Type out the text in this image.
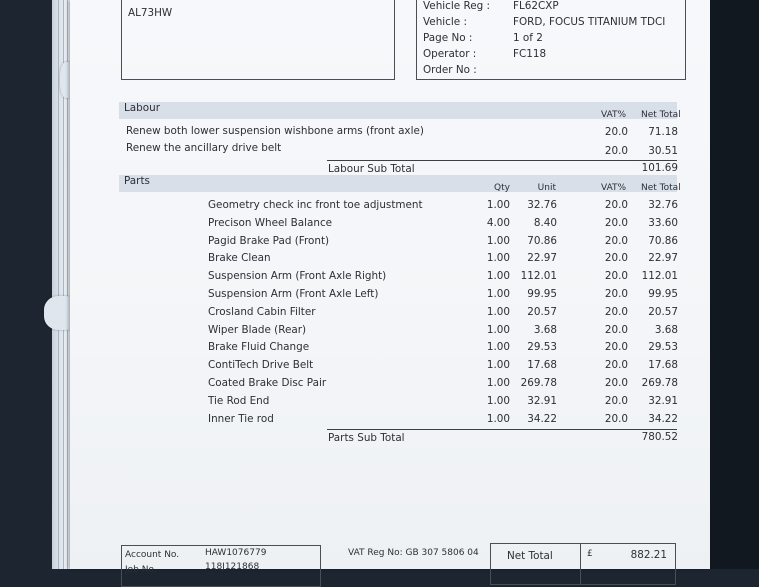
AL73HW
Vehicle Reg : FL62CXP
Vehicle :	FORD, FOCUS TITANIUM TDCI
Page No :	1 of 2
Operator :	FC118
Order No :
Labour
VAT% Net Total
Renew both lower suspension wishbone arms (front axle)	20.0	71.18
Renew the ancillary drive belt	20.0	30.51
Labour Sub Total	101.69
Parts
Qty	Unit	VAT% Net Total
Geometry check inc front toe adjustment	1.00	32.76	20.0	32.76
Precison Wheel Balance	4.00	8.40	20.0	33.60
Pagid Brake Pad (Front)	1.00	70.86	20.0	70.86
Brake Clean	1.00	22.97	20.0	22.97
Suspension Arm (Front Axle Right)	1.00	112.01	20.0	112.01
Suspension Arm (Front Axle Left)	1.00	99.95	20.0	99.95
Crosland Cabin Filter	1.00	20.57	20.0	20.57
Wiper Blade (Rear)	1.00	3.68	20.0	3.68
Brake Fluid Change	1.00	29.53	20.0	29.53
ContiTech Drive Belt	1.00	17.68	20.0	17.68
Coated Brake Disc Pair	1.00	269.78	20.0	269.78
Tie Rod End	1.00	32.91	20.0	32.91
Inner Tie rod	1.00	34.22	20.0	34.22
Parts Sub Total	780.52
Account No.	HAW1076779
Job No.	118J121868
VAT Reg No: GB 307 5806 04	Net Total	£	882.21
